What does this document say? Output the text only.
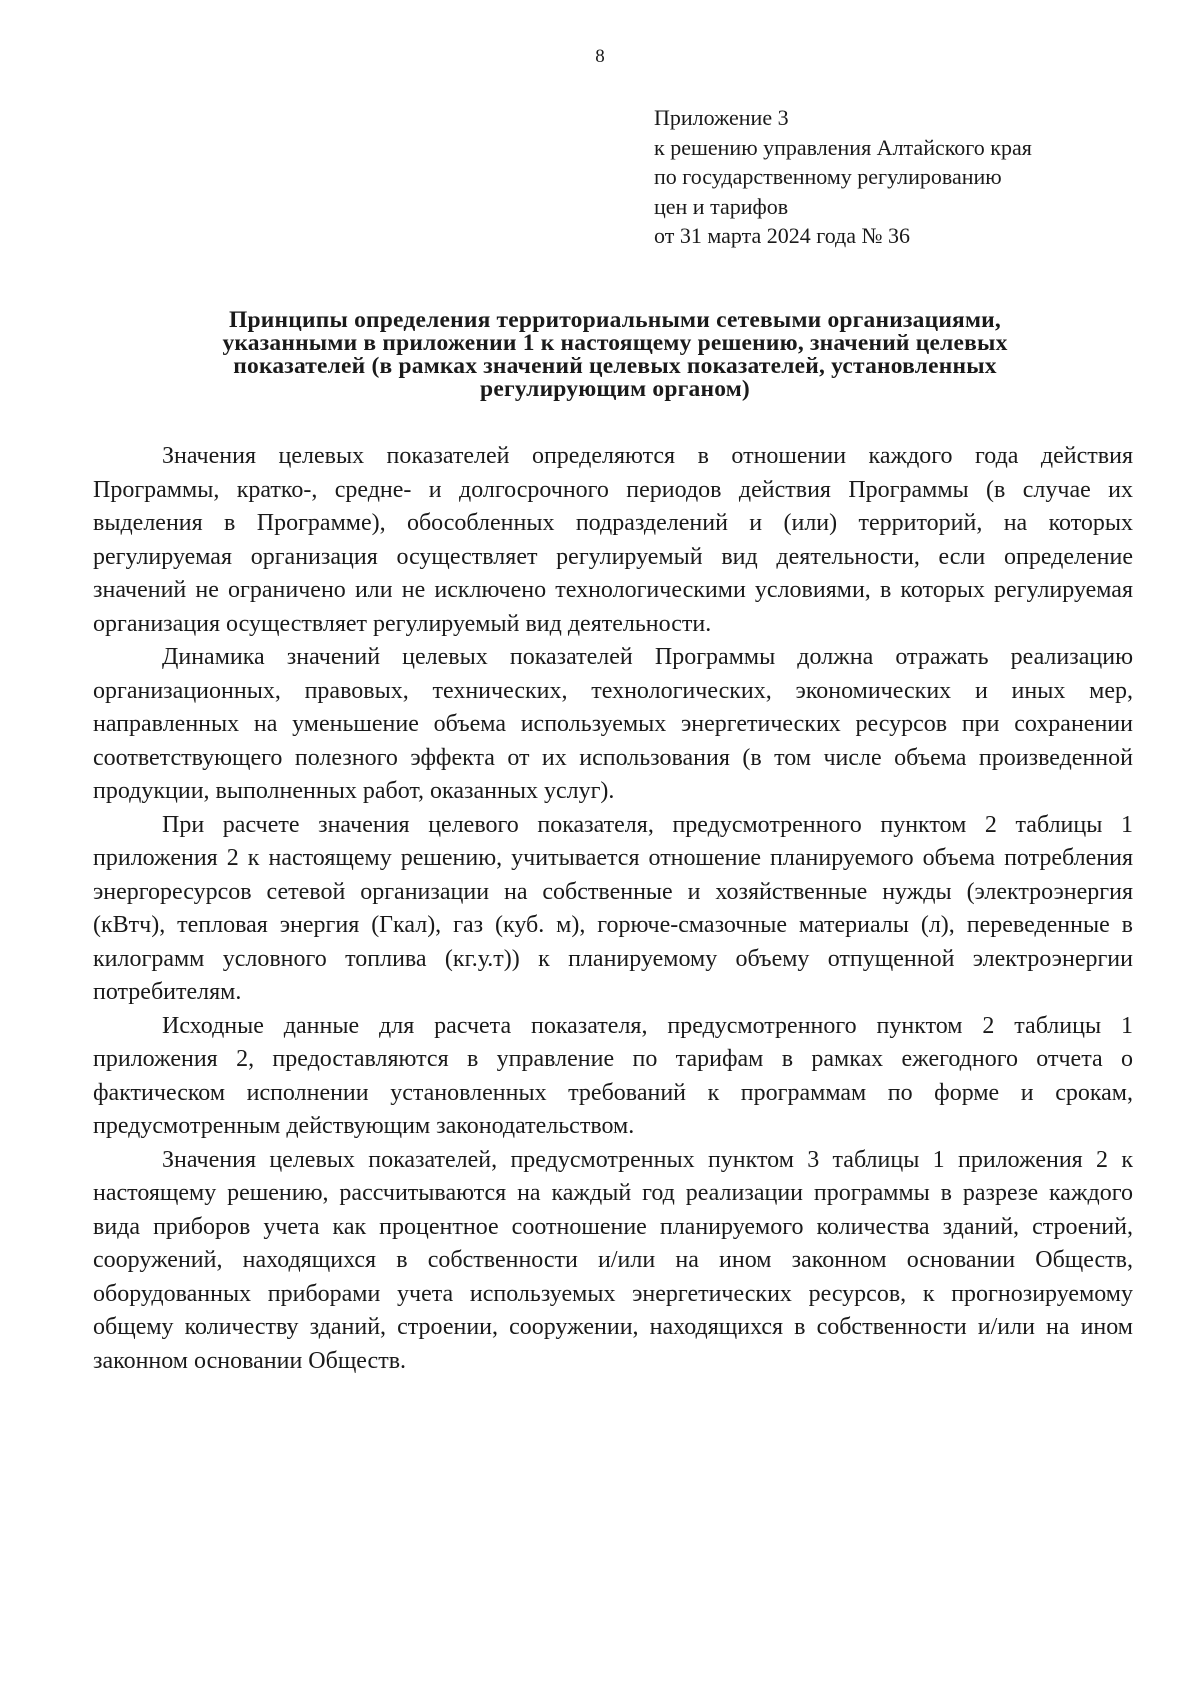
8
Приложение 3
к решению управления Алтайского края
по государственному регулированию
цен и тарифов
от 31 марта 2024 года № 36
Принципы определения территориальными сетевыми организациями,
указанными в приложении 1 к настоящему решению, значений целевых
показателей (в рамках значений целевых показателей, установленных
регулирующим органом)

Значения целевых показателей определяются в отношении каждого года действия Программы, кратко-, средне- и долгосрочного периодов действия Программы (в случае их выделения в Программе), обособленных подразделений и (или) территорий, на которых регулируемая организация осуществляет регулируемый вид деятельности, если определение значений не ограничено или не исключено технологическими условиями, в которых регулируемая организация осуществляет регулируемый вид деятельности.

Динамика значений целевых показателей Программы должна отражать реализацию организационных, правовых, технических, технологических, экономических и иных мер, направленных на уменьшение объема используемых энергетических ресурсов при сохранении соответствующего полезного эффекта от их использования (в том числе объема произведенной продукции, выполненных работ, оказанных услуг).

При расчете значения целевого показателя, предусмотренного пунктом 2 таблицы 1 приложения 2 к настоящему решению, учитывается отношение планируемого объема потребления энергоресурсов сетевой организации на собственные и хозяйственные нужды (электроэнергия (кВтч), тепловая энергия (Гкал), газ (куб. м), горюче-смазочные материалы (л), переведенные в килограмм условного топлива (кг.у.т)) к планируемому объему отпущенной электроэнергии потребителям.

Исходные данные для расчета показателя, предусмотренного пунктом 2 таблицы 1 приложения 2, предоставляются в управление по тарифам в рамках ежегодного отчета о фактическом исполнении установленных требований к программам по форме и срокам, предусмотренным действующим законодательством.

Значения целевых показателей, предусмотренных пунктом 3 таблицы 1 приложения 2 к настоящему решению, рассчитываются на каждый год реализации программы в разрезе каждого вида приборов учета как процентное соотношение планируемого количества зданий, строений, сооружений, находящихся в собственности и/или на ином законном основании Обществ, оборудованных приборами учета используемых энергетических ресурсов, к прогнозируемому общему количеству зданий, строении, сооружении, находящихся в собственности и/или на ином законном основании Обществ.
